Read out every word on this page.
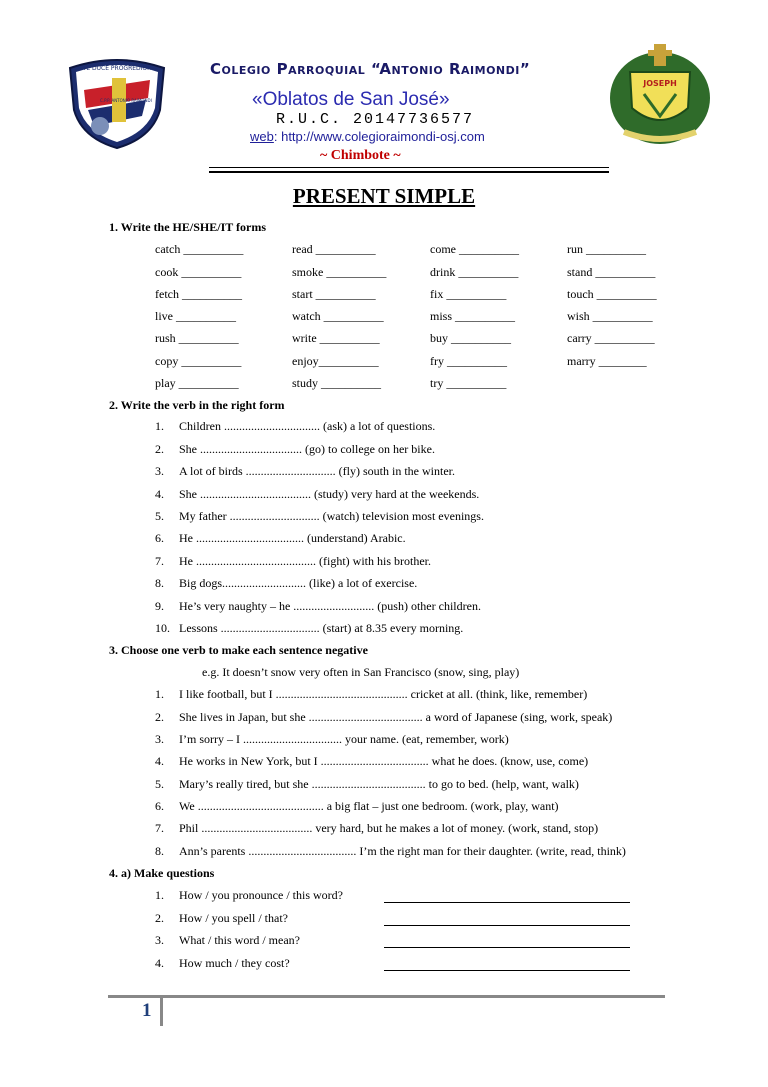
TE DUCE PROGREDIOR
C.P.P. ANTONIO RAIMONDI
JOSEPH
Colegio Parroquial “Antonio Raimondi”
«Oblatos de San José»
R.U.C. 20147736577
web: http://www.colegioraimondi-osj.com
~ Chimbote ~
PRESENT SIMPLE
1. Write the HE/SHE/IT forms
catch __________	read __________	come __________	run __________
cook __________	smoke __________	drink __________	stand __________
fetch __________	start __________	fix __________	touch __________
live __________	watch __________	miss __________	wish __________
rush __________	write __________	buy __________	carry __________
copy __________	enjoy__________	fry __________	marry ________
play __________	study __________	try __________
2. Write the verb in the right form
1.	Children ................................ (ask) a lot of questions.
2.	She .................................. (go) to college on her bike.
3.	A lot of birds .............................. (fly) south in the winter.
4.	She ..................................... (study) very hard at the weekends.
5.	My father .............................. (watch) television most evenings.
6.	He .................................... (understand) Arabic.
7.	He ........................................ (fight) with his brother.
8.	Big dogs............................ (like) a lot of exercise.
9.	He’s very naughty – he ........................... (push) other children.
10. Lessons ................................. (start) at 8.35 every morning.
3. Choose one verb to make each sentence negative
e.g. It doesn’t snow very often in San Francisco (snow, sing, play)
1.	I like football, but I ............................................ cricket at all. (think, like, remember)
2.	She lives in Japan, but she ...................................... a word of Japanese (sing, work, speak)
3.	I’m sorry – I ................................. your name. (eat, remember, work)
4.	He works in New York, but I .................................... what he does. (know, use, come)
5.	Mary’s really tired, but she ...................................... to go to bed. (help, want, walk)
6.	We .......................................... a big flat – just one bedroom. (work, play, want)
7.	Phil ..................................... very hard, but he makes a lot of money. (work, stand, stop)
8.	Ann’s parents .................................... I’m the right man for their daughter. (write, read, think)
4. a) Make questions
1.	How / you pronounce / this word?
2.	How / you spell / that?
3.	What / this word / mean?
4.	How much / they cost?
1
